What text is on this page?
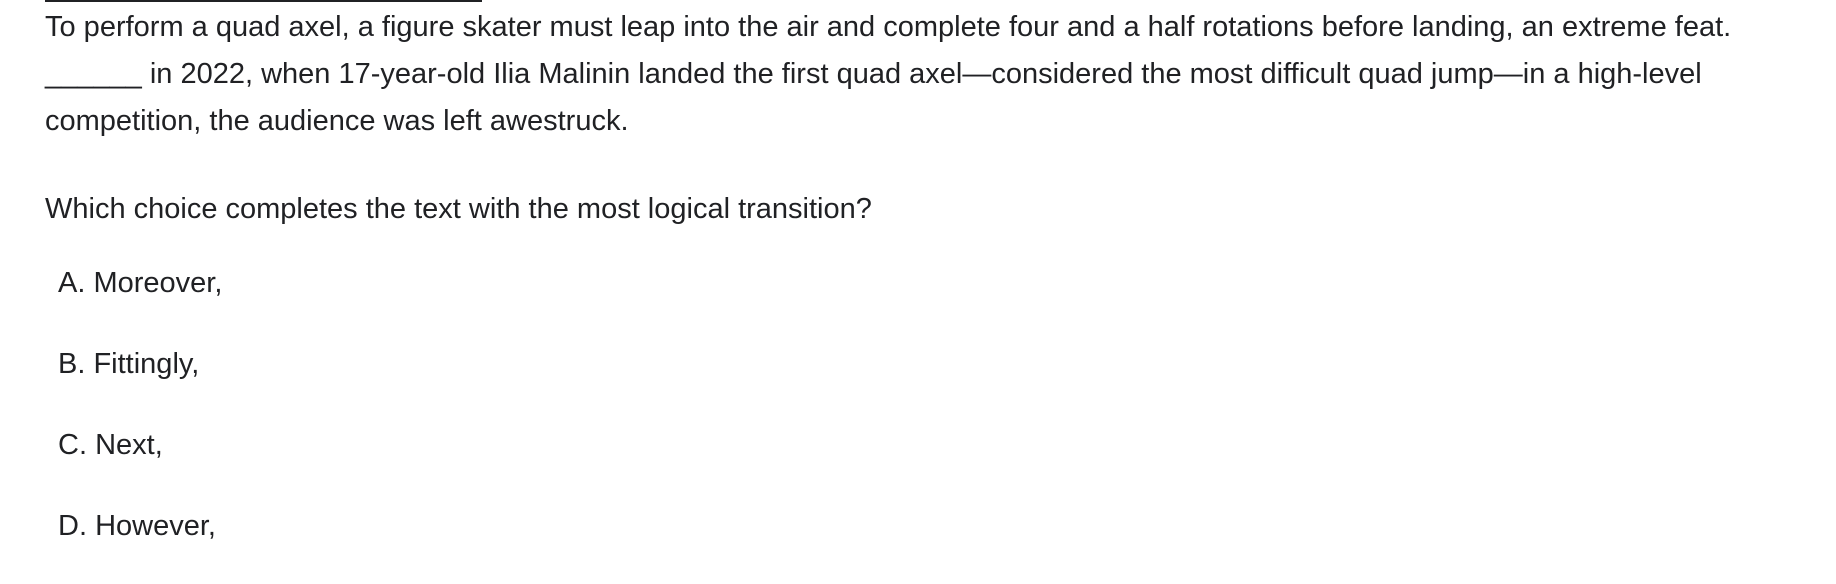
To perform a quad axel, a figure skater must leap into the air and complete four and a half rotations before landing, an extreme feat. ______ in 2022, when 17-year-old Ilia Malinin landed the first quad axel—considered the most difficult quad jump—in a high-level competition, the audience was left awestruck.

Which choice completes the text with the most logical transition?

A. Moreover,
B. Fittingly,
C. Next,
D. However,
